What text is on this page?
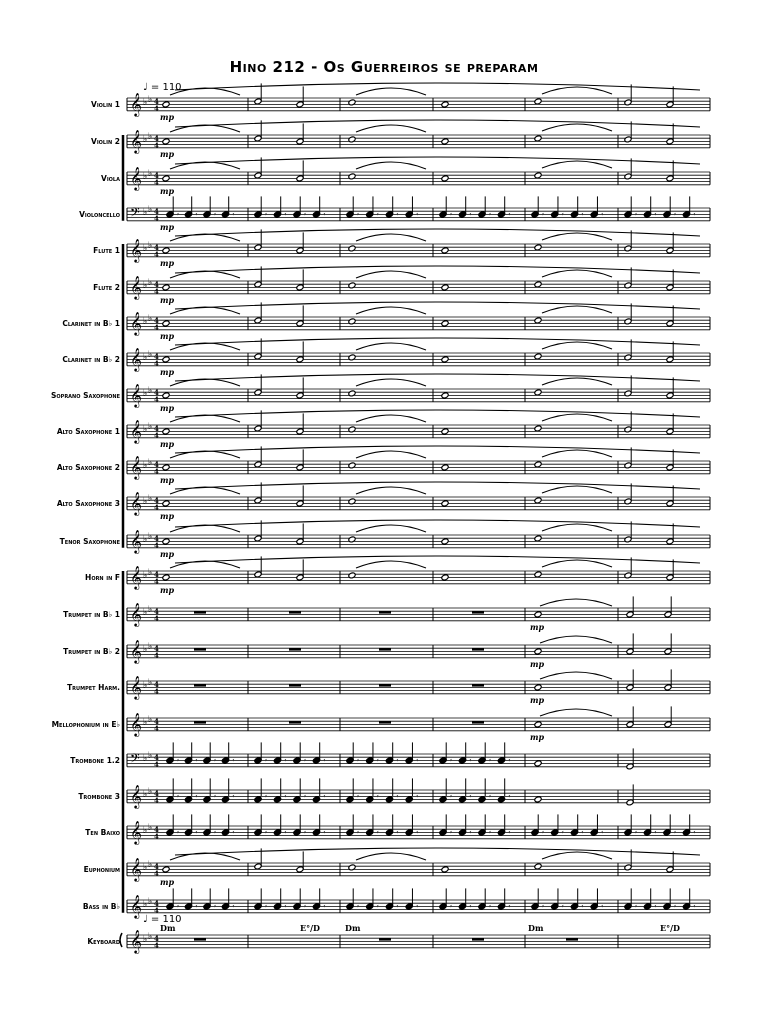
Hino 212 - Os Guerreiros se preparam
♩ = 110
♩ = 110
Violin 1
Violin 2
Viola
Violoncello
Flute 1
Flute 2
Clarinet in B♭ 1
Clarinet in B♭ 2
Soprano Saxophone
Alto Saxophone 1
Alto Saxophone 2
Alto Saxophone 3
Tenor Saxophone
Horn in F
Trumpet in B♭ 1
Trumpet in B♭ 2
Trumpet Harm.
Mellophonium in E♭
Trombone 1.2
Trombone 3
Ten Baixo
Euphonium
Bass in B♭
Keyboard
𝄞 ♭ ♭ 4
4
mp
𝄞 ♭ ♭ 4
4
mp
𝄞 ♭ ♭ 4
4
mp
𝄢 ♭ ♭ 4
4	𝄾 𝄾 𝄾 𝄾	𝄾	𝄾	𝄾	𝄾	𝄾	𝄾	𝄾	𝄾	𝄾	𝄾	𝄾	𝄾	𝄾	𝄾	𝄾	𝄾	𝄾	𝄾	𝄾	𝄾
mp
𝄞 ♭ ♭ 4
4
mp
𝄞 ♭ ♭ 4
4
mp
𝄞 ♭ ♭ 4
4
mp
𝄞 ♭ ♭ 4
4
mp
𝄞 ♭ ♭ 4
4
mp
𝄞 ♭ ♭ 4
4
mp
𝄞 ♭ ♭ 4
4
mp
𝄞 ♭ ♭ 4
4
mp
𝄞 ♭ ♭ 4
4
mp
𝄞 ♭ ♭ 4
4
mp
𝄞 ♭ ♭ 4
4
mp
𝄞 ♭ ♭ 4
4
mp
𝄞 ♭ ♭ 4
4
mp
𝄞 ♭ ♭ 4
4
mp
𝄢 ♭ ♭ 4
4	𝄾 𝄾 𝄾 𝄾	𝄾	𝄾	𝄾	𝄾	𝄾	𝄾	𝄾	𝄾	𝄾	𝄾	𝄾	𝄾
𝄞 ♭ ♭ 4
4	𝄾 𝄾 𝄾 𝄾	𝄾	𝄾	𝄾	𝄾	𝄾	𝄾	𝄾	𝄾	𝄾	𝄾	𝄾	𝄾
𝄞 ♭ ♭ 4
4	𝄾 𝄾 𝄾 𝄾	𝄾	𝄾	𝄾	𝄾	𝄾	𝄾	𝄾	𝄾	𝄾	𝄾	𝄾	𝄾	𝄾	𝄾	𝄾	𝄾	𝄾	𝄾	𝄾	𝄾
𝄞 ♭ ♭ 4
4
mp
𝄞 ♭ ♭ 4
4	𝄾 𝄾 𝄾 𝄾	𝄾	𝄾	𝄾	𝄾	𝄾	𝄾	𝄾	𝄾	𝄾	𝄾	𝄾	𝄾	𝄾	𝄾	𝄾	𝄾	𝄾	𝄾	𝄾	𝄾
𝄞 ♭ ♭ 4
4
Dm	E°/D	Dm	Dm	E°/D
